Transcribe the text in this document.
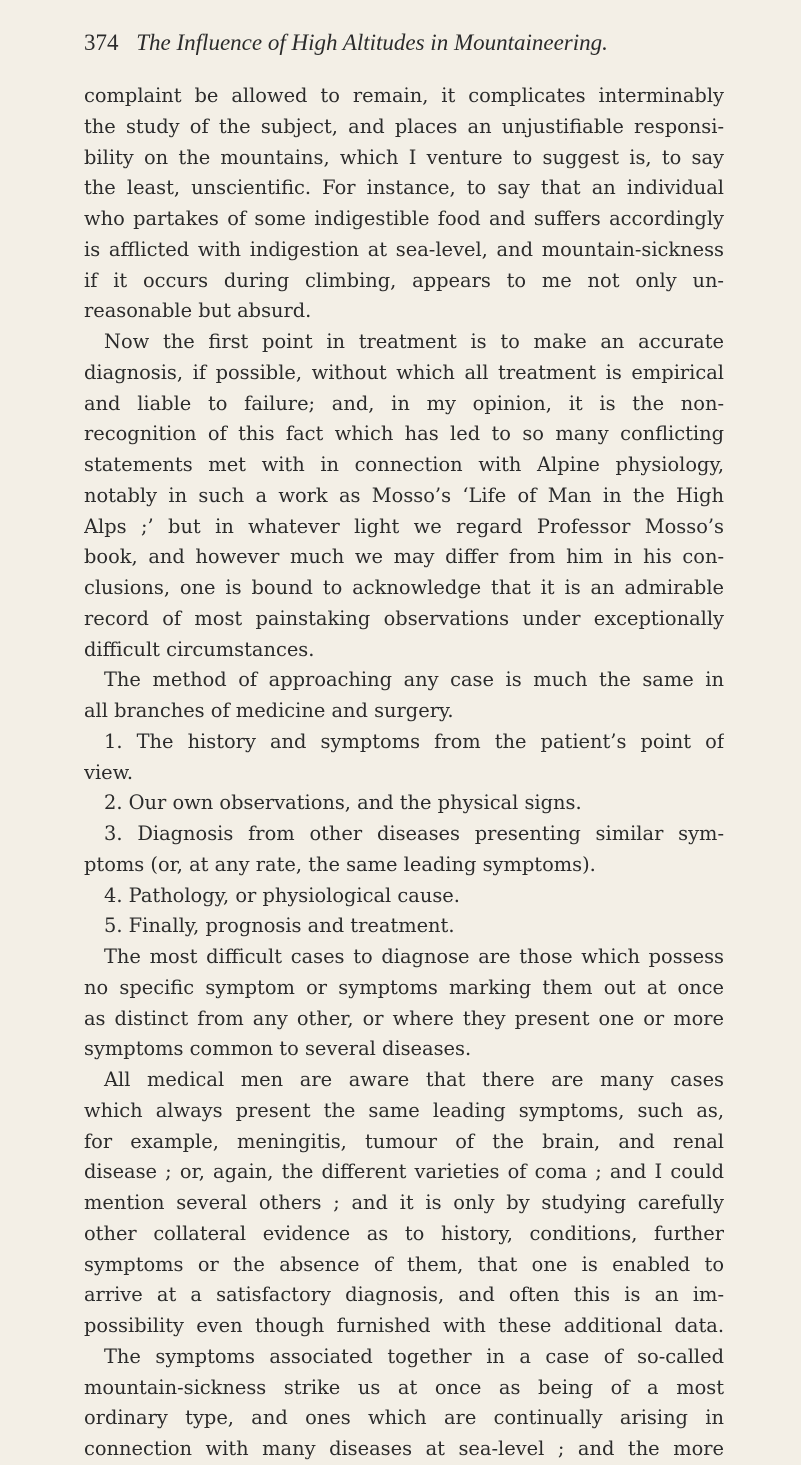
374 The Influence of High Altitudes in Mountaineering.
complaint be allowed to remain, it complicates interminably
the study of the subject, and places an unjustifiable responsi-
bility on the mountains, which I venture to suggest is, to say
the least, unscientific. For instance, to say that an individual
who partakes of some indigestible food and suffers accordingly
is afflicted with indigestion at sea-level, and mountain-sickness
if it occurs during climbing, appears to me not only un-
reasonable but absurd.
Now the first point in treatment is to make an accurate
diagnosis, if possible, without which all treatment is empirical
and liable to failure; and, in my opinion, it is the non-
recognition of this fact which has led to so many conflicting
statements met with in connection with Alpine physiology,
notably in such a work as Mosso’s ‘Life of Man in the High
Alps ;’ but in whatever light we regard Professor Mosso’s
book, and however much we may differ from him in his con-
clusions, one is bound to acknowledge that it is an admirable
record of most painstaking observations under exceptionally
difficult circumstances.
The method of approaching any case is much the same in
all branches of medicine and surgery.
1. The history and symptoms from the patient’s point of
view.
2. Our own observations, and the physical signs.
3. Diagnosis from other diseases presenting similar sym-
ptoms (or, at any rate, the same leading symptoms).
4. Pathology, or physiological cause.
5. Finally, prognosis and treatment.
The most difficult cases to diagnose are those which possess
no specific symptom or symptoms marking them out at once
as distinct from any other, or where they present one or more
symptoms common to several diseases.
All medical men are aware that there are many cases
which always present the same leading symptoms, such as,
for example, meningitis, tumour of the brain, and renal
disease ; or, again, the different varieties of coma ; and I could
mention several others ; and it is only by studying carefully
other collateral evidence as to history, conditions, further
symptoms or the absence of them, that one is enabled to
arrive at a satisfactory diagnosis, and often this is an im-
possibility even though furnished with these additional data.
The symptoms associated together in a case of so-called
mountain-sickness strike us at once as being of a most
ordinary type, and ones which are continually arising in
connection with many diseases at sea-level ; and the more
